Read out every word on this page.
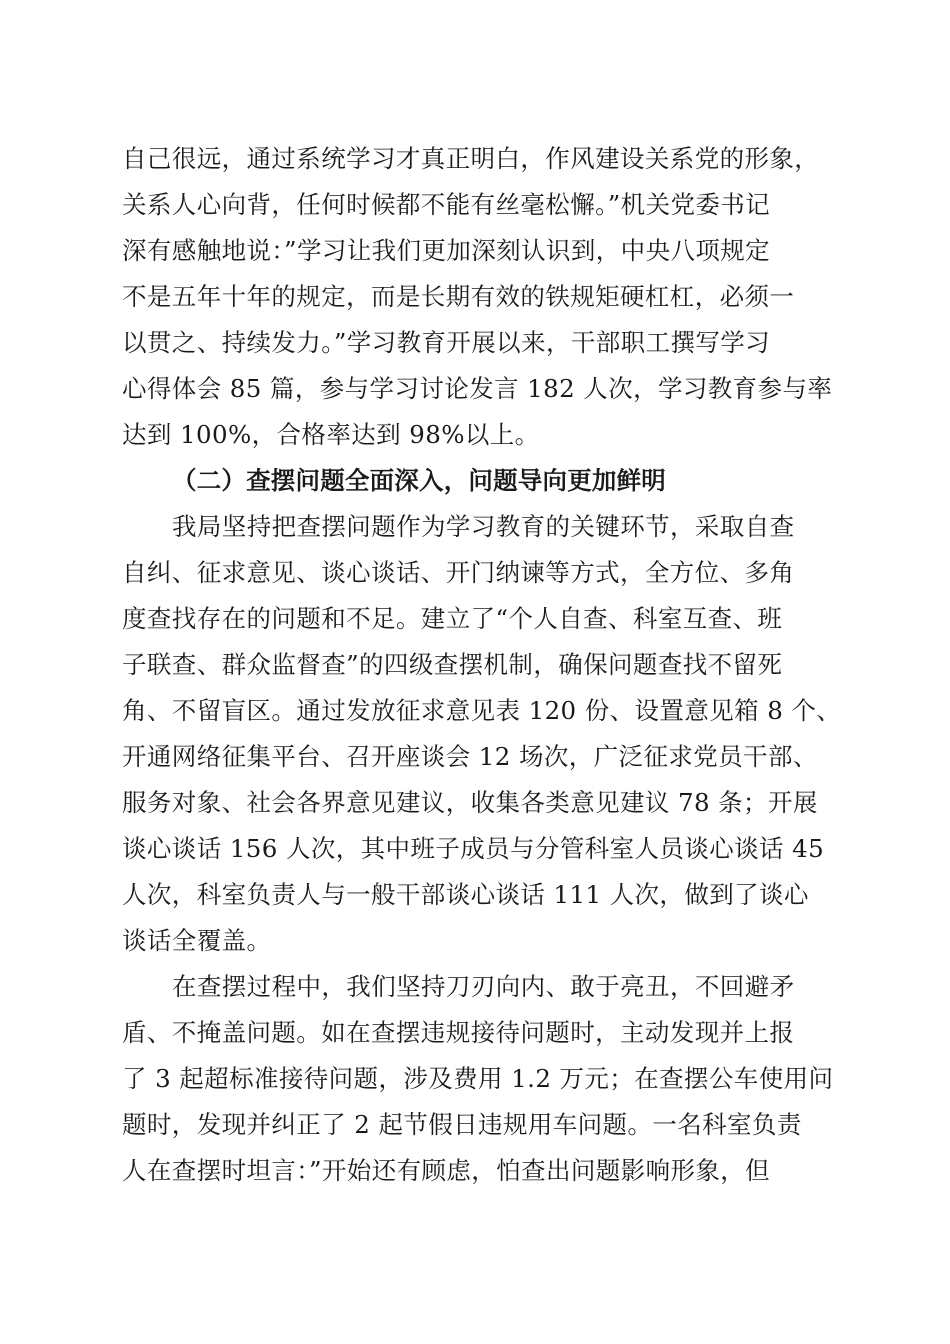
自己很远，通过系统学习才真正明白，作风建设关系党的形象，
关系人心向背，任何时候都不能有丝毫松懈。”机关党委书记
深有感触地说：”学习让我们更加深刻认识到，中央八项规定
不是五年十年的规定，而是长期有效的铁规矩硬杠杠，必须一
以贯之、持续发力。”学习教育开展以来，干部职工撰写学习
心得体会 85 篇，参与学习讨论发言 182 人次，学习教育参与率
达到 100%，合格率达到 98%以上。
（二）查摆问题全面深入，问题导向更加鲜明
我局坚持把查摆问题作为学习教育的关键环节，采取自查
自纠、征求意见、谈心谈话、开门纳谏等方式，全方位、多角
度查找存在的问题和不足。建立了“个人自查、科室互查、班
子联查、群众监督查”的四级查摆机制，确保问题查找不留死
角、不留盲区。通过发放征求意见表 120 份、设置意见箱 8 个、
开通网络征集平台、召开座谈会 12 场次，广泛征求党员干部、
服务对象、社会各界意见建议，收集各类意见建议 78 条；开展
谈心谈话 156 人次，其中班子成员与分管科室人员谈心谈话 45
人次，科室负责人与一般干部谈心谈话 111 人次，做到了谈心
谈话全覆盖。
在查摆过程中，我们坚持刀刃向内、敢于亮丑，不回避矛
盾、不掩盖问题。如在查摆违规接待问题时，主动发现并上报
了 3 起超标准接待问题，涉及费用 1.2 万元；在查摆公车使用问
题时，发现并纠正了 2 起节假日违规用车问题。一名科室负责
人在查摆时坦言：”开始还有顾虑，怕查出问题影响形象，但
